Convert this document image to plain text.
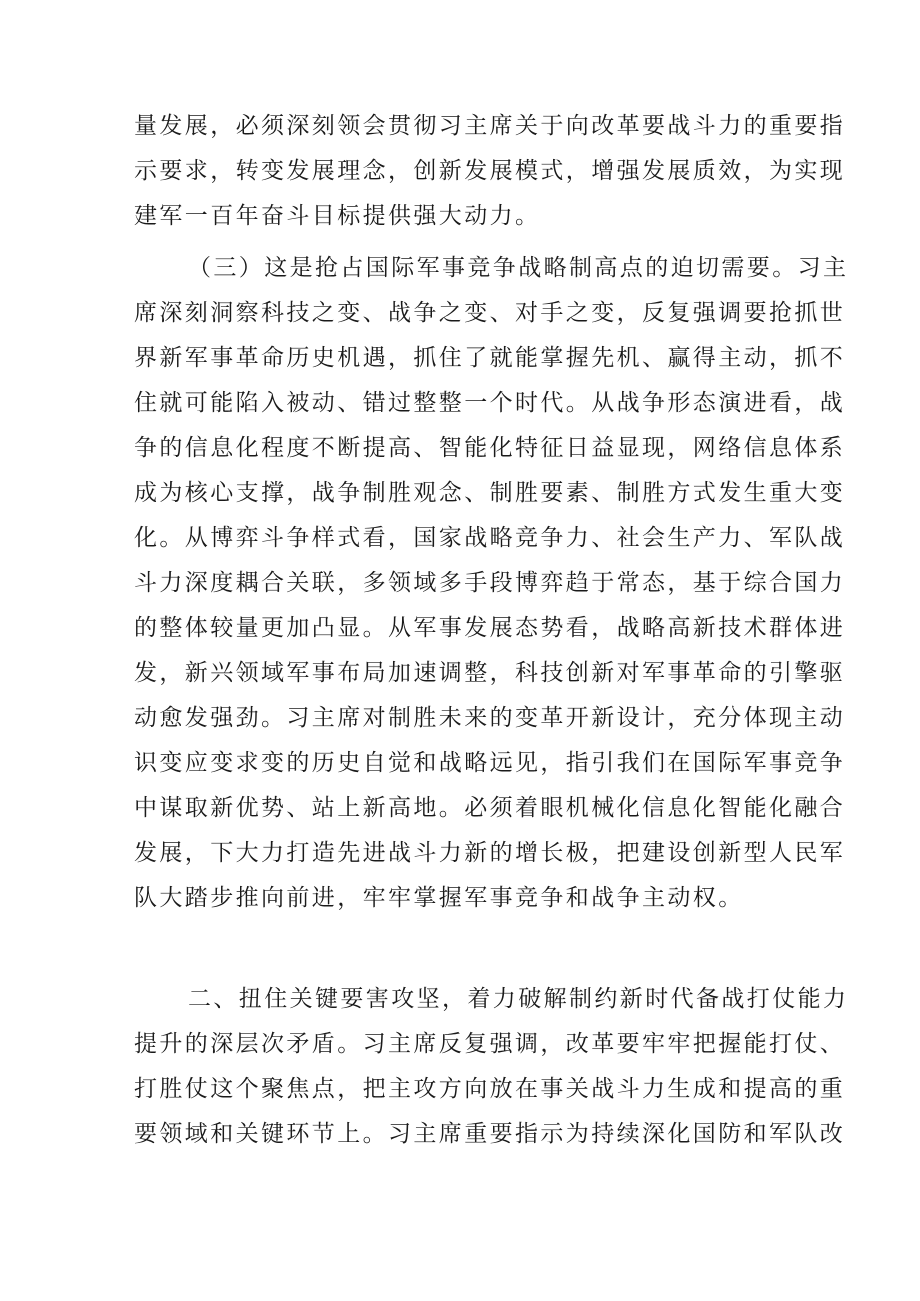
量发展，必须深刻领会贯彻习主席关于向改革要战斗力的重要指
示要求，转变发展理念，创新发展模式，增强发展质效，为实现
建军一百年奋斗目标提供强大动力。
（三）这是抢占国际军事竞争战略制高点的迫切需要。习主
席深刻洞察科技之变、战争之变、对手之变，反复强调要抢抓世
界新军事革命历史机遇，抓住了就能掌握先机、赢得主动，抓不
住就可能陷入被动、错过整整一个时代。从战争形态演进看，战
争的信息化程度不断提高、智能化特征日益显现，网络信息体系
成为核心支撑，战争制胜观念、制胜要素、制胜方式发生重大变
化。从博弈斗争样式看，国家战略竞争力、社会生产力、军队战
斗力深度耦合关联，多领域多手段博弈趋于常态，基于综合国力
的整体较量更加凸显。从军事发展态势看，战略高新技术群体进
发，新兴领域军事布局加速调整，科技创新对军事革命的引擎驱
动愈发强劲。习主席对制胜未来的变革开新设计，充分体现主动
识变应变求变的历史自觉和战略远见，指引我们在国际军事竞争
中谋取新优势、站上新高地。必须着眼机械化信息化智能化融合
发展，下大力打造先进战斗力新的增长极，把建设创新型人民军
队大踏步推向前进，牢牢掌握军事竞争和战争主动权。
二、扭住关键要害攻坚，着力破解制约新时代备战打仗能力
提升的深层次矛盾。习主席反复强调，改革要牢牢把握能打仗、
打胜仗这个聚焦点，把主攻方向放在事关战斗力生成和提高的重
要领域和关键环节上。习主席重要指示为持续深化国防和军队改
